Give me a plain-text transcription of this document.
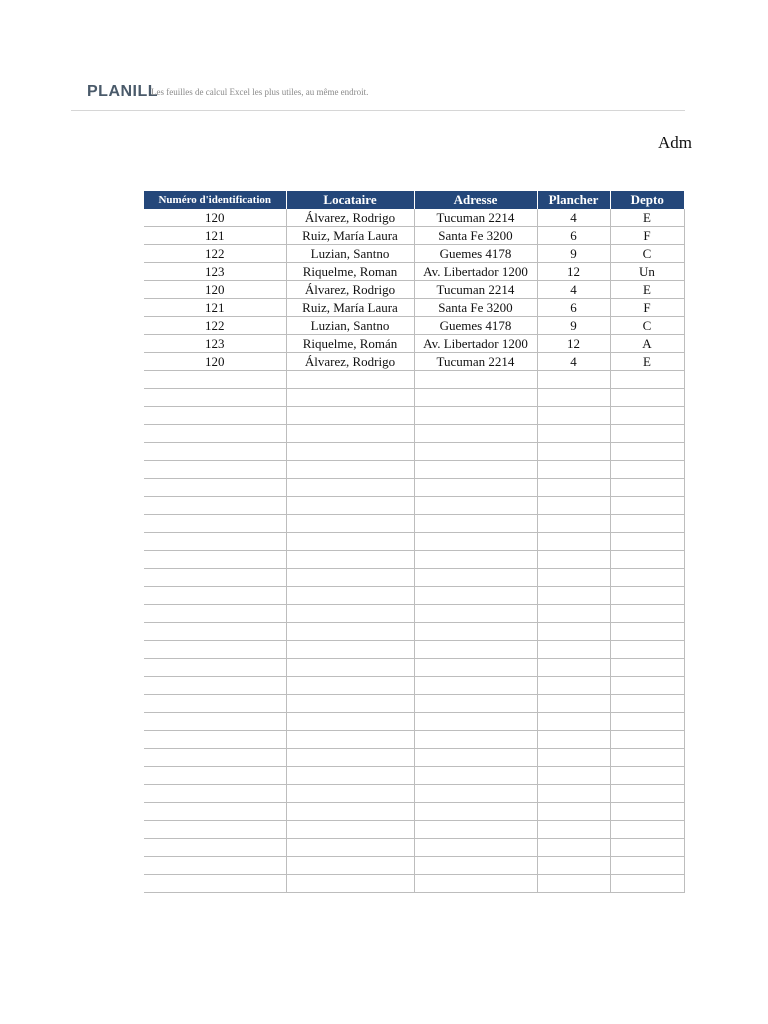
PLANILL
Les feuilles de calcul Excel les plus utiles, au même endroit.
Adm
Numéro d'identification	Locataire	Adresse	Plancher	Depto
120	Álvarez, Rodrigo	Tucuman 2214	4	E
121	Ruiz, María Laura	Santa Fe 3200	6	F
122	Luzian, Santno	Guemes 4178	9	C
123	Riquelme, Roman	Av. Libertador 1200	12	Un
120	Álvarez, Rodrigo	Tucuman 2214	4	E
121	Ruiz, María Laura	Santa Fe 3200	6	F
122	Luzian, Santno	Guemes 4178	9	C
123	Riquelme, Román	Av. Libertador 1200	12	A
120	Álvarez, Rodrigo	Tucuman 2214	4	E
